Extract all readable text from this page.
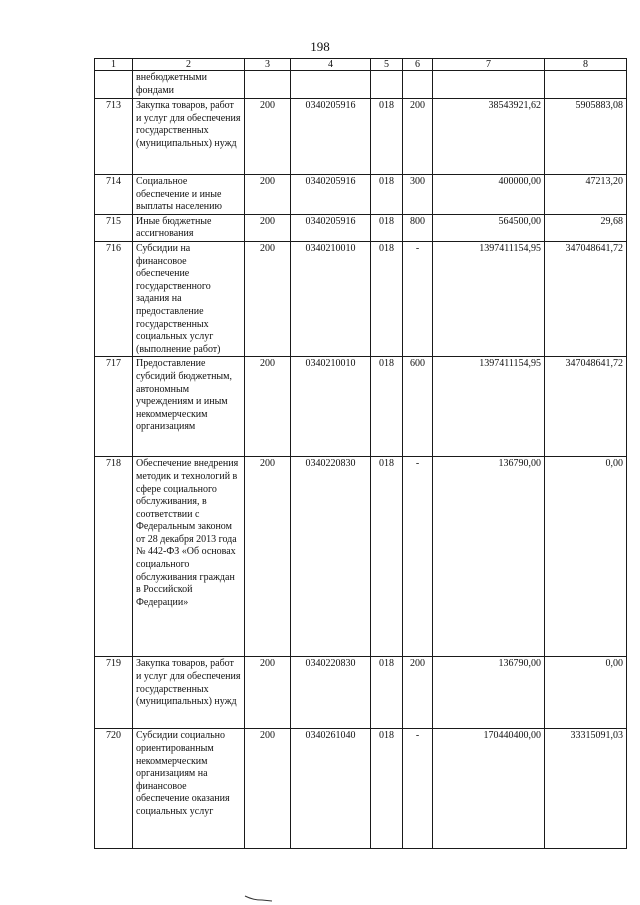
198
1	2	3	4	5	6	7	8
	внебюджетными фондами						
713	Закупка товаров, работ и услуг для обеспечения государственных (муниципальных) нужд	200	0340205916	018	200	38543921,62	5905883,08
714	Социальное обеспечение и иные выплаты населению	200	0340205916	018	300	400000,00	47213,20
715	Иные бюджетные ассигнования	200	0340205916	018	800	564500,00	29,68
716	Субсидии на финансовое обеспечение государственного задания на предоставление государственных социальных услуг (выполнение работ)	200	0340210010	018	-	1397411154,95	347048641,72
717	Предоставление субсидий бюджетным, автономным учреждениям и иным некоммерческим организациям	200	0340210010	018	600	1397411154,95	347048641,72
718	Обеспечение внедрения методик и технологий в сфере социального обслуживания, в соответствии с Федеральным законом от 28 декабря 2013 года № 442-ФЗ «Об основах социального обслуживания граждан в Российской Федерации»	200	0340220830	018	-	136790,00	0,00
719	Закупка товаров, работ и услуг для обеспечения государственных (муниципальных) нужд	200	0340220830	018	200	136790,00	0,00
720	Субсидии социально ориентированным некоммерческим организациям на финансовое обеспечение оказания социальных услуг	200	0340261040	018	-	170440400,00	33315091,03
